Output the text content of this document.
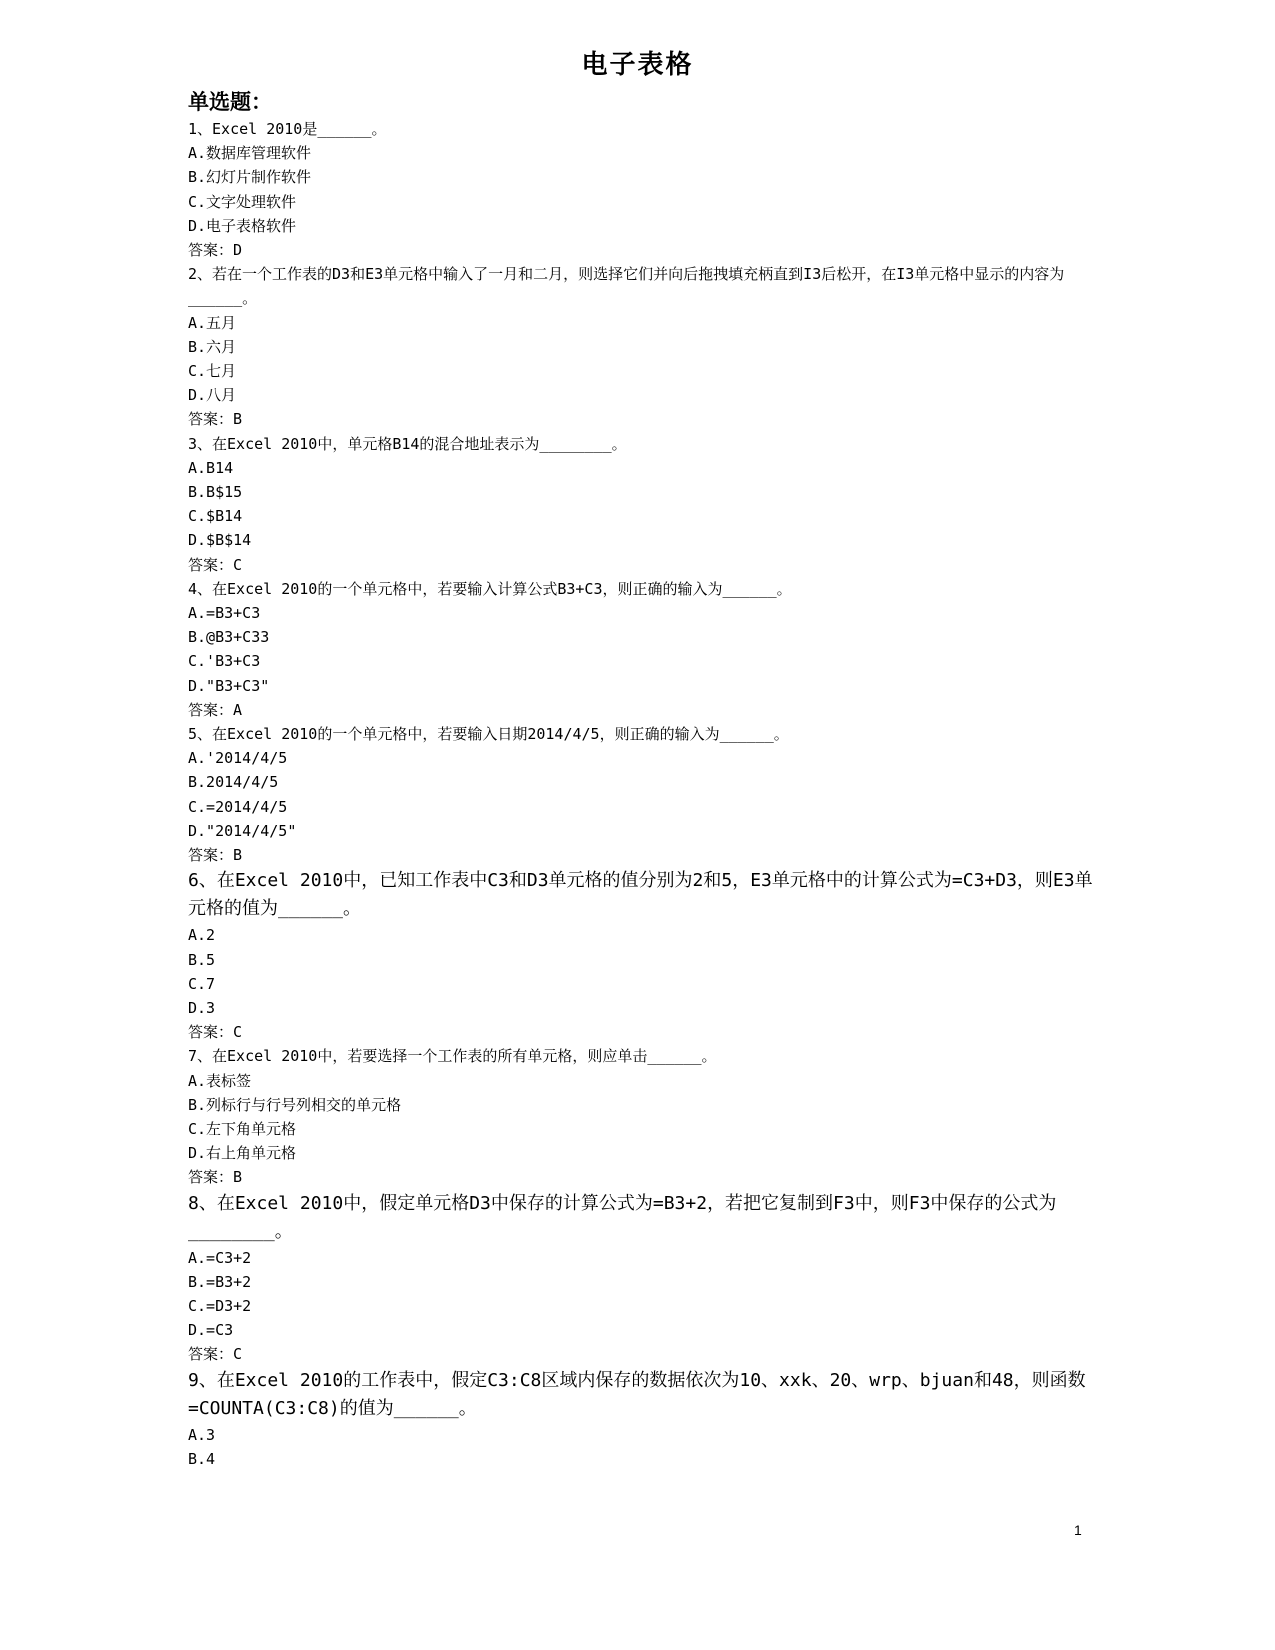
电子表格
单选题：
1、Excel 2010是______。
A.数据库管理软件
B.幻灯片制作软件
C.文字处理软件
D.电子表格软件
答案：D
2、若在一个工作表的D3和E3单元格中输入了一月和二月，则选择它们并向后拖拽填充柄直到I3后松开，在I3单元格中显示的内容为______。
A.五月
B.六月
C.七月
D.八月
答案：B
3、在Excel 2010中，单元格B14的混合地址表示为________。
A.B14
B.B$15
C.$B14
D.$B$14
答案：C
4、在Excel 2010的一个单元格中，若要输入计算公式B3+C3，则正确的输入为______。
A.=B3+C3
B.@B3+C33
C.'B3+C3
D."B3+C3"
答案：A
5、在Excel 2010的一个单元格中，若要输入日期2014/4/5，则正确的输入为______。
A.'2014/4/5
B.2014/4/5
C.=2014/4/5
D."2014/4/5"
答案：B
6、在Excel 2010中，已知工作表中C3和D3单元格的值分别为2和5，E3单元格中的计算公式为=C3+D3，则E3单元格的值为______。
A.2
B.5
C.7
D.3
答案：C
7、在Excel 2010中，若要选择一个工作表的所有单元格，则应单击______。
A.表标签
B.列标行与行号列相交的单元格
C.左下角单元格
D.右上角单元格
答案：B
8、在Excel 2010中，假定单元格D3中保存的计算公式为=B3+2，若把它复制到F3中，则F3中保存的公式为________。
A.=C3+2
B.=B3+2
C.=D3+2
D.=C3
答案：C
9、在Excel 2010的工作表中，假定C3:C8区域内保存的数据依次为10、xxk、20、wrp、bjuan和48，则函数=COUNTA(C3:C8)的值为______。
A.3
B.4
1
